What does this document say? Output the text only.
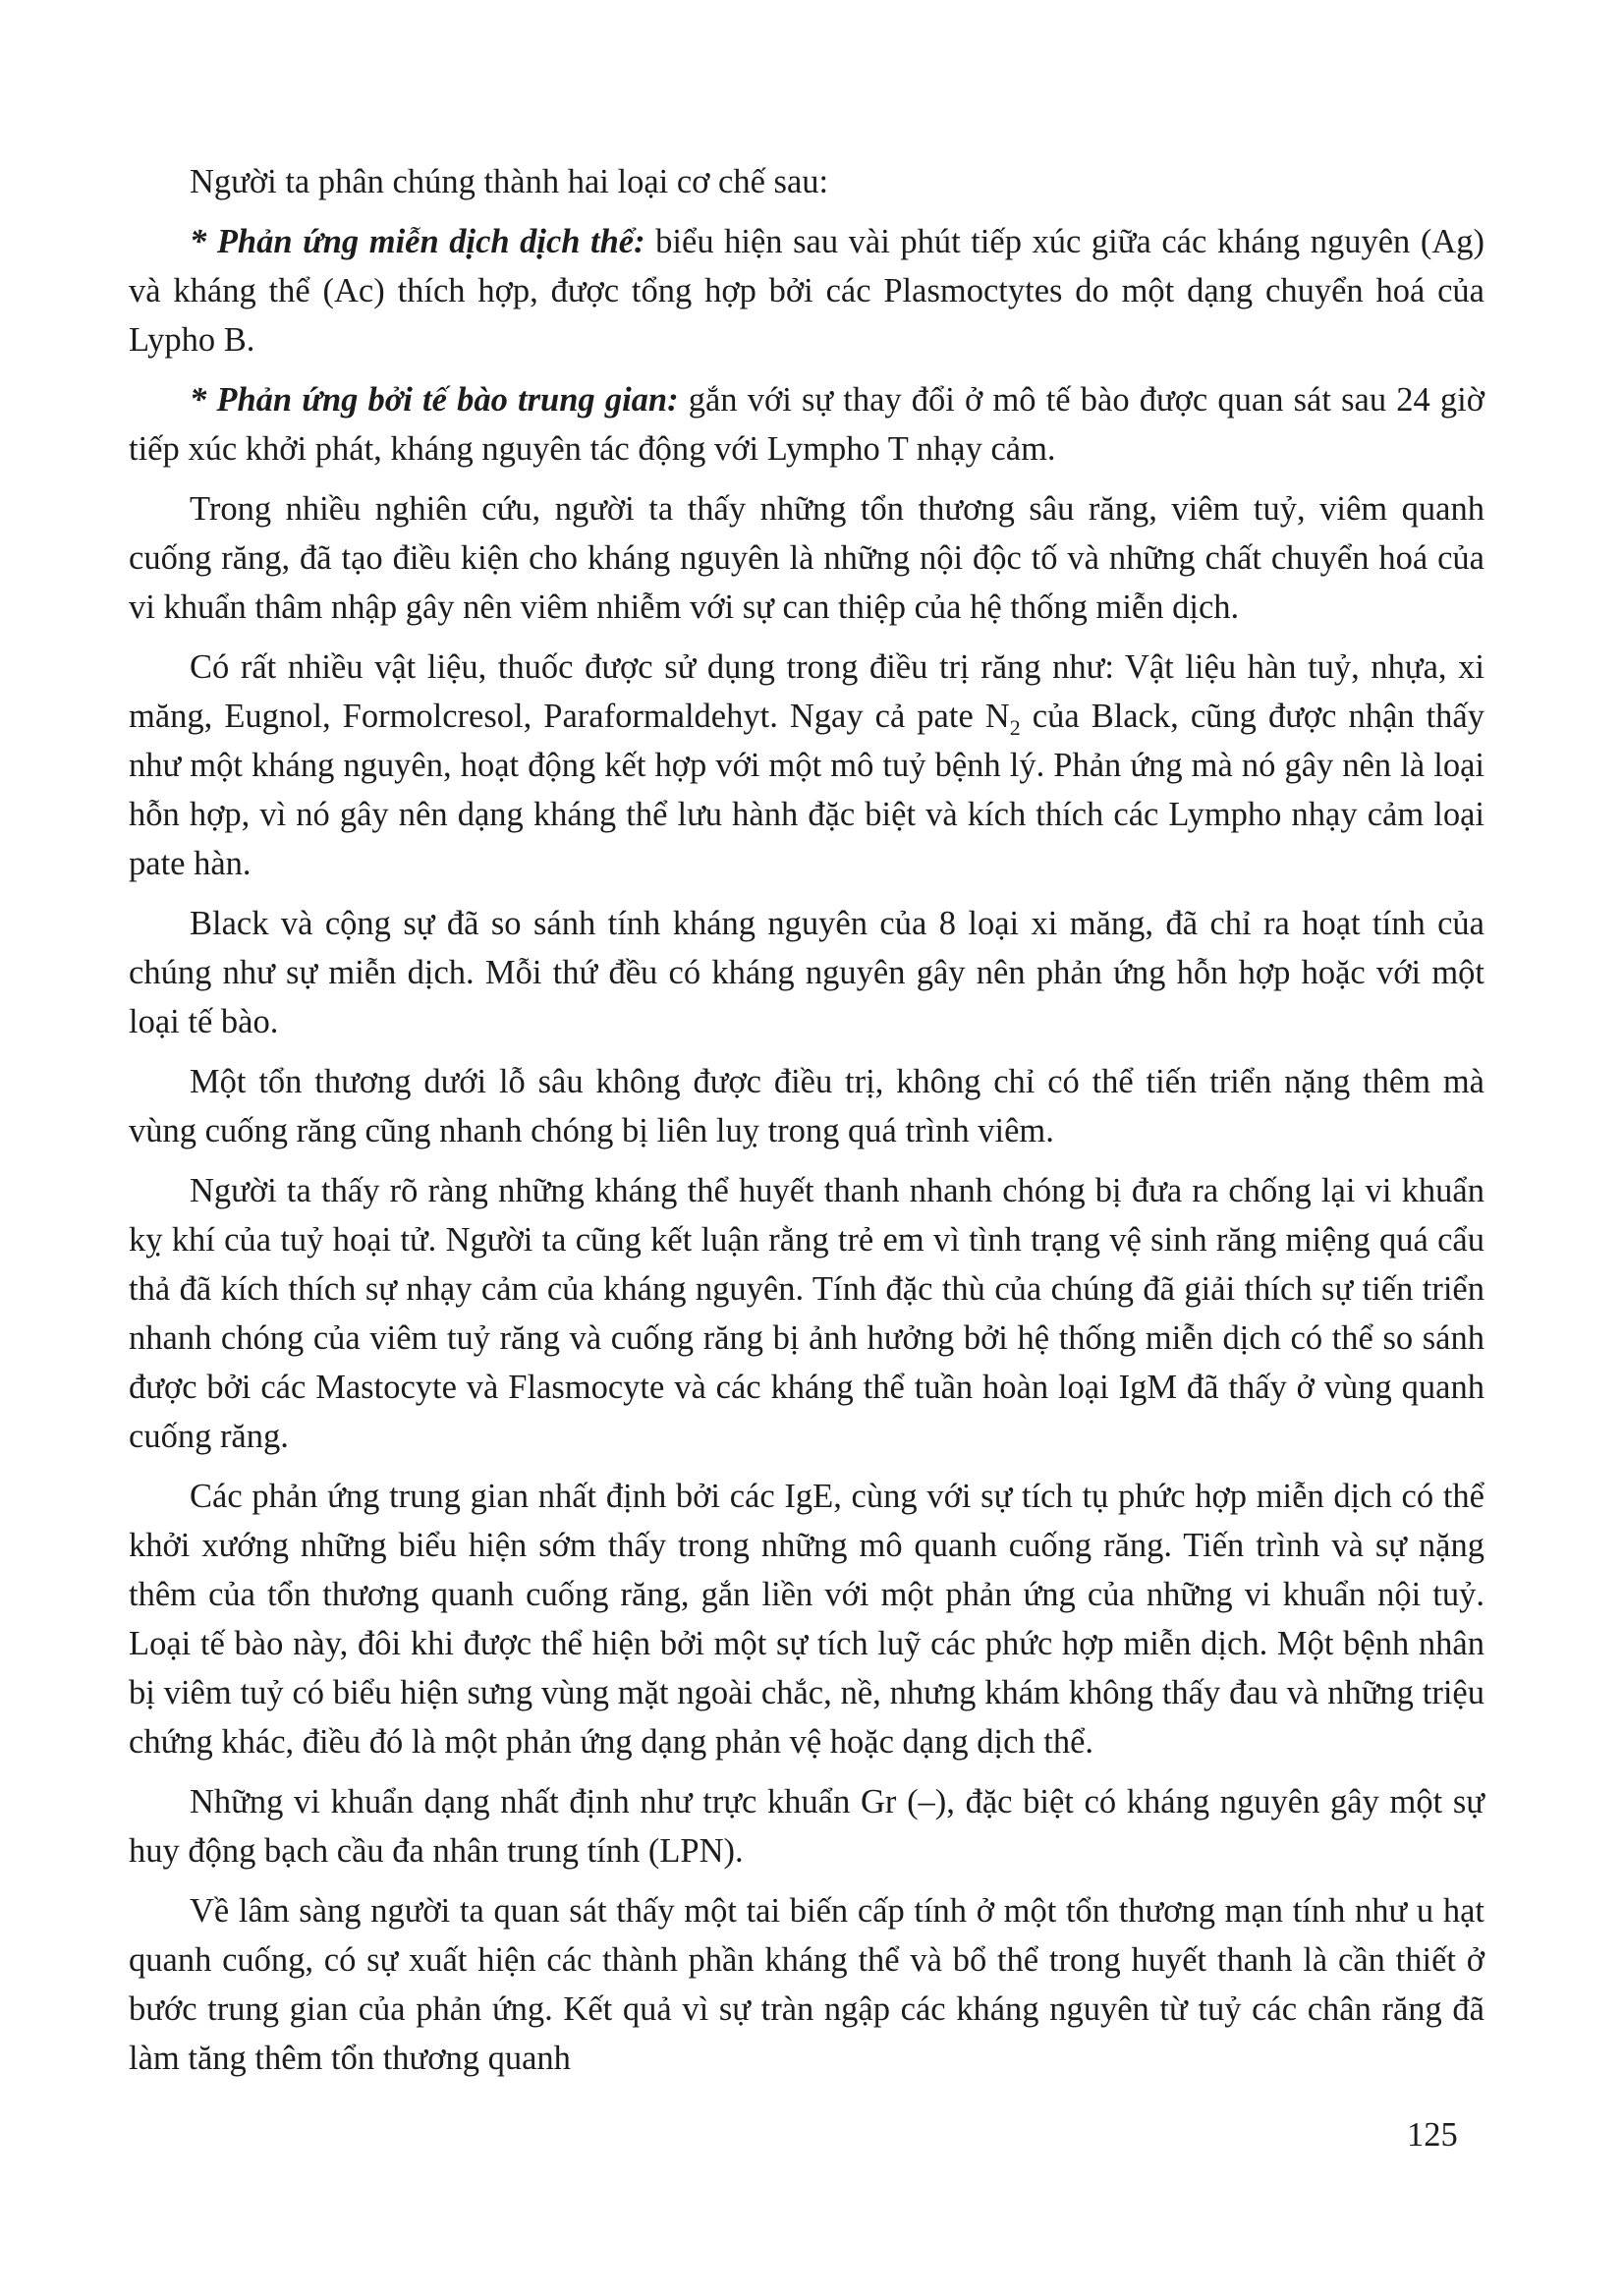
Người ta phân chúng thành hai loại cơ chế sau:

* Phản ứng miễn dịch dịch thể: biểu hiện sau vài phút tiếp xúc giữa các kháng nguyên (Ag) và kháng thể (Ac) thích hợp, được tổng hợp bởi các Plasmoctytes do một dạng chuyển hoá của Lypho B.

* Phản ứng bởi tế bào trung gian: gắn với sự thay đổi ở mô tế bào được quan sát sau 24 giờ tiếp xúc khởi phát, kháng nguyên tác động với Lympho T nhạy cảm.

Trong nhiều nghiên cứu, người ta thấy những tổn thương sâu răng, viêm tuỷ, viêm quanh cuống răng, đã tạo điều kiện cho kháng nguyên là những nội độc tố và những chất chuyển hoá của vi khuẩn thâm nhập gây nên viêm nhiễm với sự can thiệp của hệ thống miễn dịch.

Có rất nhiều vật liệu, thuốc được sử dụng trong điều trị răng như: Vật liệu hàn tuỷ, nhựa, xi măng, Eugnol, Formolcresol, Paraformaldehyt. Ngay cả pate $N_2$ của Black, cũng được nhận thấy như một kháng nguyên, hoạt động kết hợp với một mô tuỷ bệnh lý. Phản ứng mà nó gây nên là loại hỗn hợp, vì nó gây nên dạng kháng thể lưu hành đặc biệt và kích thích các Lympho nhạy cảm loại pate hàn.

Black và cộng sự đã so sánh tính kháng nguyên của 8 loại xi măng, đã chỉ ra hoạt tính của chúng như sự miễn dịch. Mỗi thứ đều có kháng nguyên gây nên phản ứng hỗn hợp hoặc với một loại tế bào.

Một tổn thương dưới lỗ sâu không được điều trị, không chỉ có thể tiến triển nặng thêm mà vùng cuống răng cũng nhanh chóng bị liên luỵ trong quá trình viêm.

Người ta thấy rõ ràng những kháng thể huyết thanh nhanh chóng bị đưa ra chống lại vi khuẩn kỵ khí của tuỷ hoại tử. Người ta cũng kết luận rằng trẻ em vì tình trạng vệ sinh răng miệng quá cẩu thả đã kích thích sự nhạy cảm của kháng nguyên. Tính đặc thù của chúng đã giải thích sự tiến triển nhanh chóng của viêm tuỷ răng và cuống răng bị ảnh hưởng bởi hệ thống miễn dịch có thể so sánh được bởi các Mastocyte và Flasmocyte và các kháng thể tuần hoàn loại IgM đã thấy ở vùng quanh cuống răng.

Các phản ứng trung gian nhất định bởi các IgE, cùng với sự tích tụ phức hợp miễn dịch có thể khởi xướng những biểu hiện sớm thấy trong những mô quanh cuống răng. Tiến trình và sự nặng thêm của tổn thương quanh cuống răng, gắn liền với một phản ứng của những vi khuẩn nội tuỷ. Loại tế bào này, đôi khi được thể hiện bởi một sự tích luỹ các phức hợp miễn dịch. Một bệnh nhân bị viêm tuỷ có biểu hiện sưng vùng mặt ngoài chắc, nề, nhưng khám không thấy đau và những triệu chứng khác, điều đó là một phản ứng dạng phản vệ hoặc dạng dịch thể.

Những vi khuẩn dạng nhất định như trực khuẩn Gr (–), đặc biệt có kháng nguyên gây một sự huy động bạch cầu đa nhân trung tính (LPN).

Về lâm sàng người ta quan sát thấy một tai biến cấp tính ở một tổn thương mạn tính như u hạt quanh cuống, có sự xuất hiện các thành phần kháng thể và bổ thể trong huyết thanh là cần thiết ở bước trung gian của phản ứng. Kết quả vì sự tràn ngập các kháng nguyên từ tuỷ các chân răng đã làm tăng thêm tổn thương quanh

125
